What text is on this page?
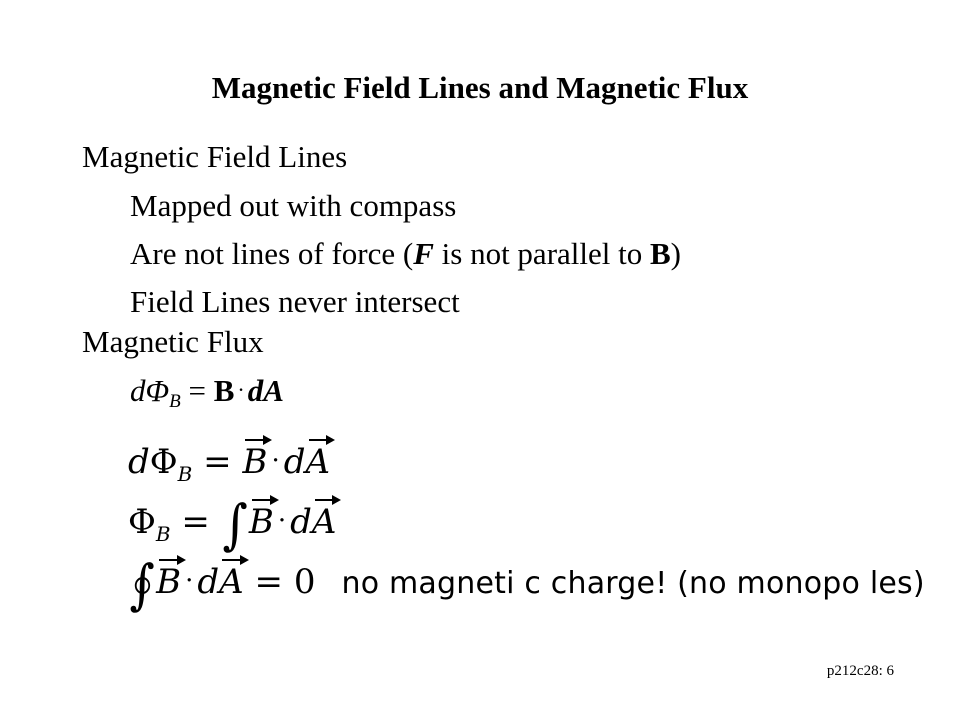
Magnetic Field Lines and Magnetic Flux
Magnetic Field Lines
Mapped out with compass
Are not lines of force (F is not parallel to B)
Field Lines never intersect
Magnetic Flux
$d\Phi_B = B \cdot dA$
$d\Phi_B = B$ · dA
$\Phi_B = \int B$ · dA
∫
B · dA = 0 no magneti c charge! (no monopo les)
p212c28: 6
